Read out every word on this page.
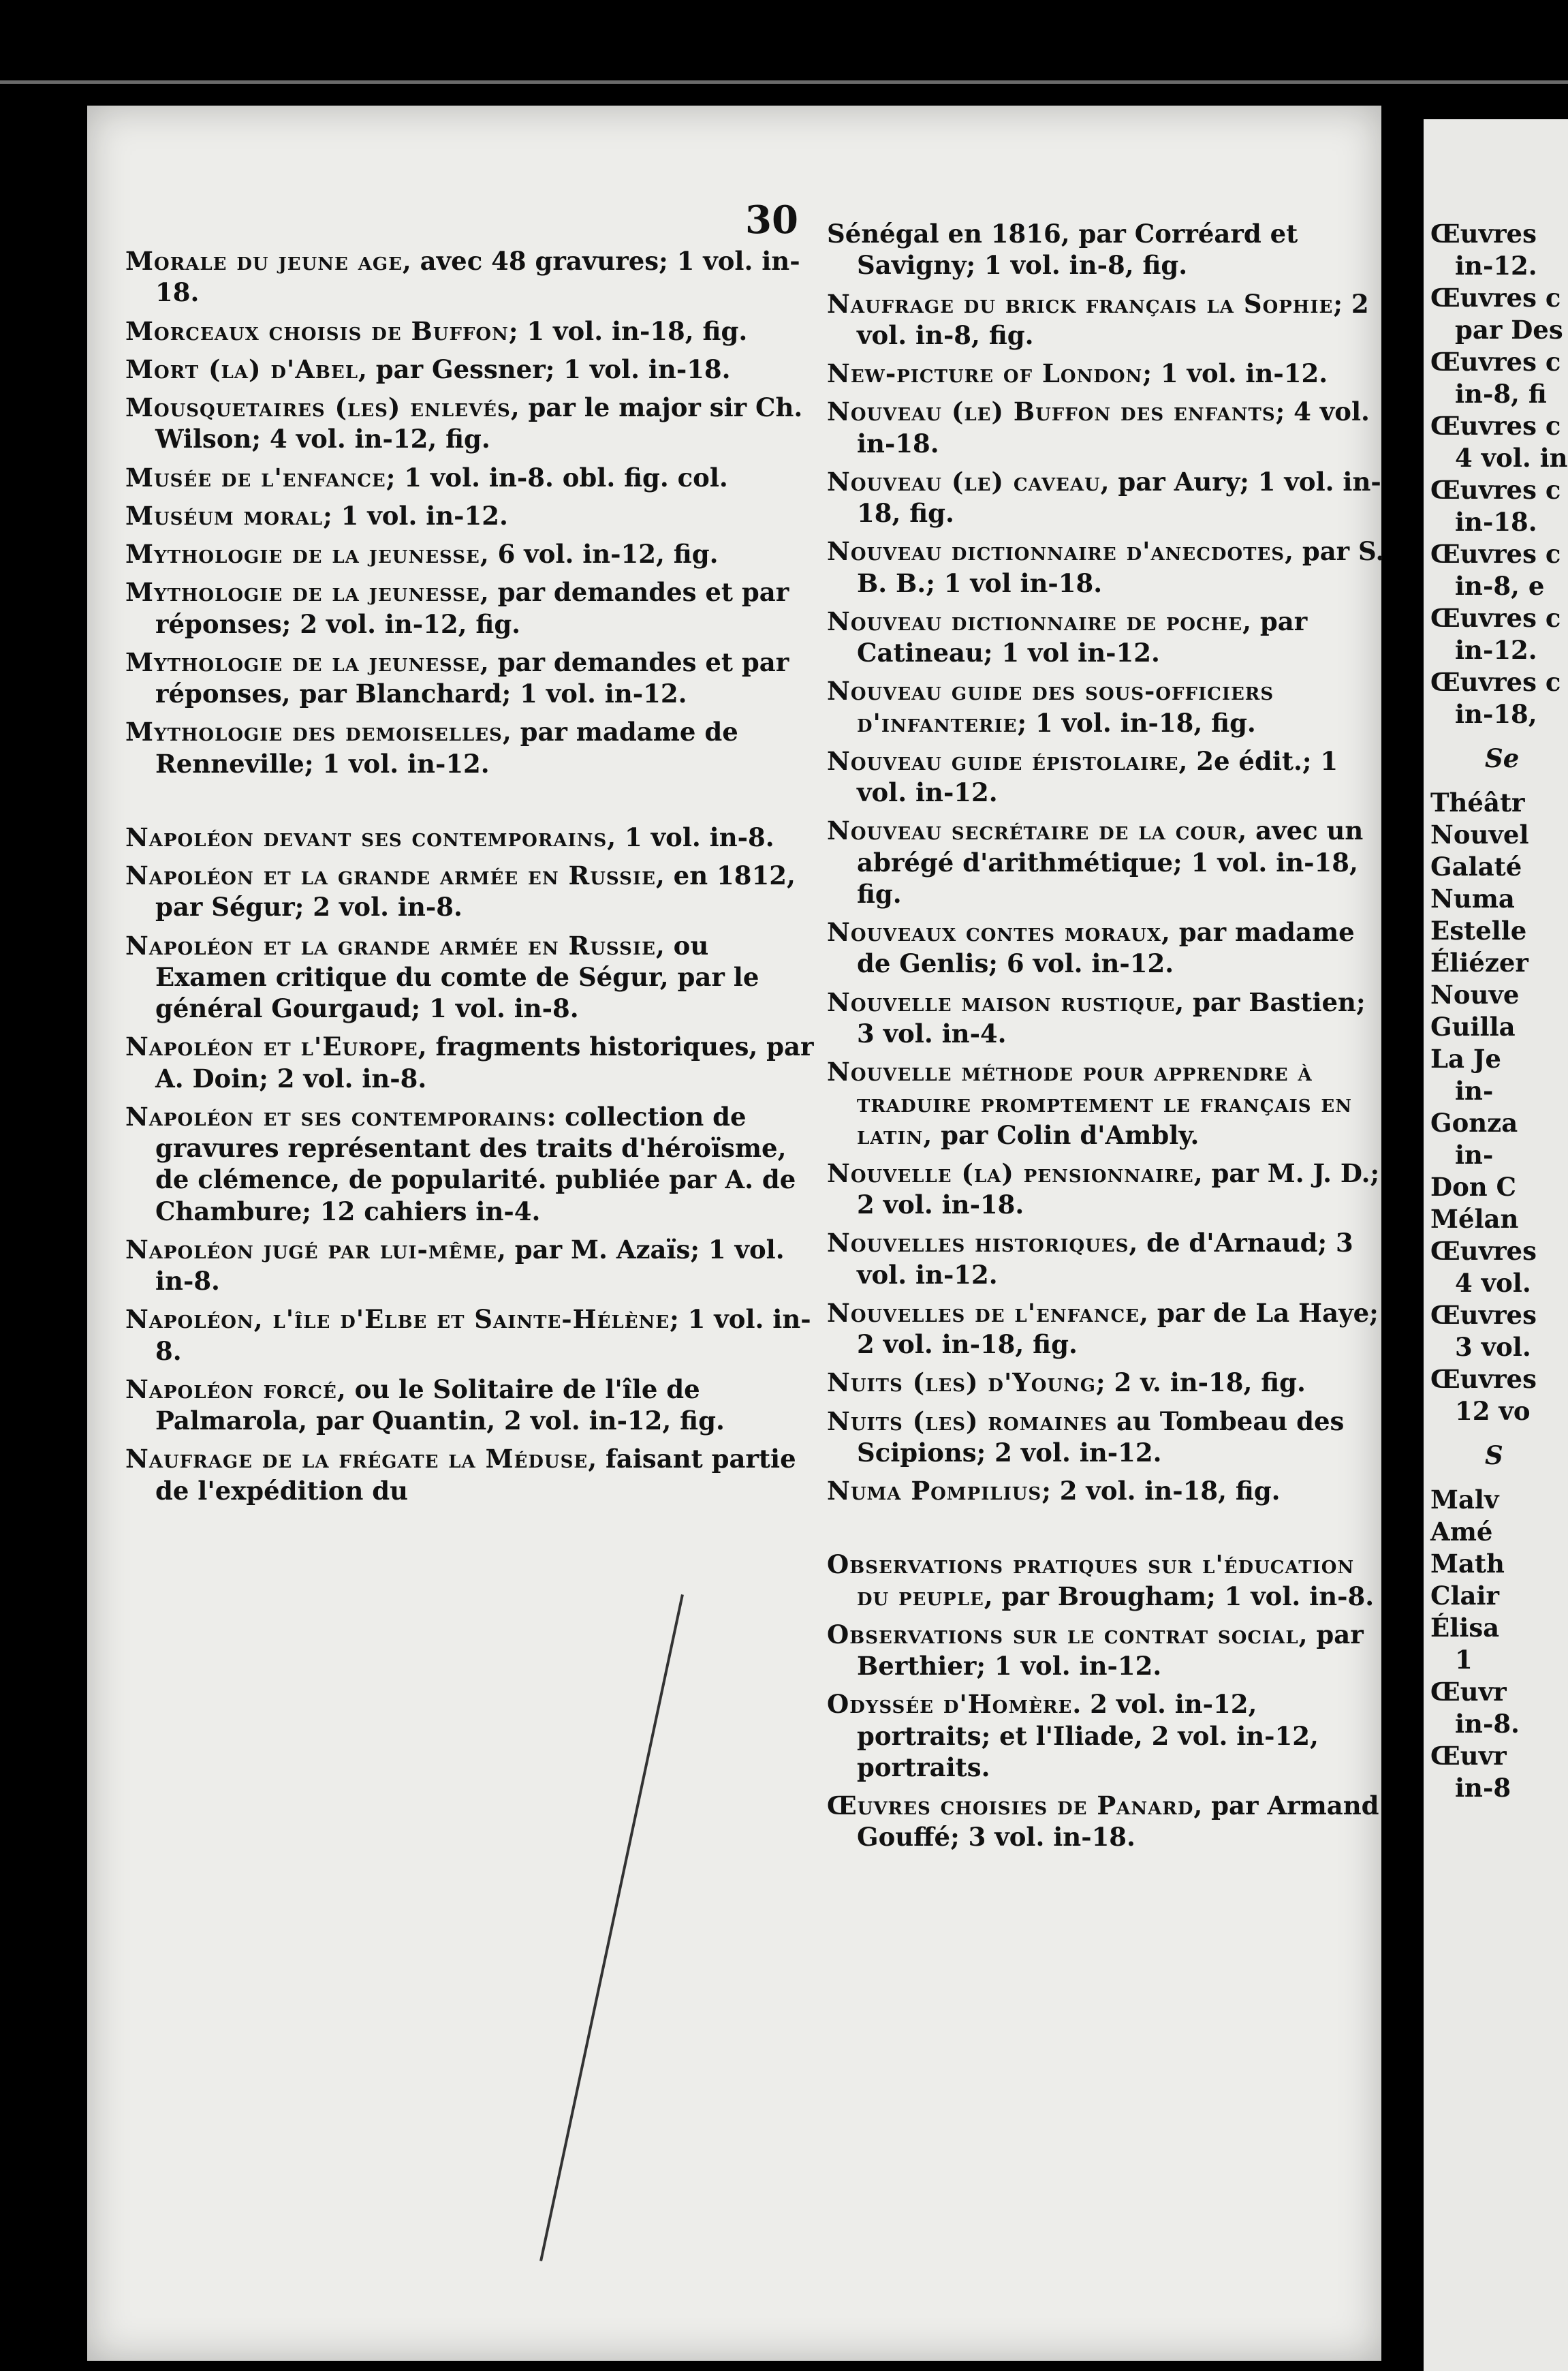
30
Morale du jeune age, avec 48 gravures; 1 vol. in-18.
Morceaux choisis de Buffon; 1 vol. in-18, fig.
Mort (la) d'Abel, par Gessner; 1 vol. in-18.
Mousquetaires (les) enlevés, par le major sir Ch. Wilson; 4 vol. in-12, fig.
Musée de l'enfance; 1 vol. in-8. obl. fig. col.
Muséum moral; 1 vol. in-12.
Mythologie de la jeunesse, 6 vol. in-12, fig.
Mythologie de la jeunesse, par demandes et par réponses; 2 vol. in-12, fig.
Mythologie de la jeunesse, par demandes et par réponses, par Blanchard; 1 vol. in-12.
Mythologie des demoiselles, par madame de Renneville; 1 vol. in-12.
Napoléon devant ses contemporains, 1 vol. in-8.
Napoléon et la grande armée en Russie, en 1812, par Ségur; 2 vol. in-8.
Napoléon et la grande armée en Russie, ou Examen critique du comte de Ségur, par le général Gourgaud; 1 vol. in-8.
Napoléon et l'Europe, fragments historiques, par A. Doin; 2 vol. in-8.
Napoléon et ses contemporains: collection de gravures représentant des traits d'héroïsme, de clémence, de popularité. publiée par A. de Chambure; 12 cahiers in-4.
Napoléon jugé par lui-même, par M. Azaïs; 1 vol. in-8.
Napoléon, l'île d'Elbe et Sainte-Hélène; 1 vol. in-8.
Napoléon forcé, ou le Solitaire de l'île de Palmarola, par Quantin, 2 vol. in-12, fig.
Naufrage de la frégate la Méduse, faisant partie de l'expédition du
Sénégal en 1816, par Corréard et Savigny; 1 vol. in-8, fig.
Naufrage du brick français la Sophie; 2 vol. in-8, fig.
New-picture of London; 1 vol. in-12.
Nouveau (le) Buffon des enfants; 4 vol. in-18.
Nouveau (le) caveau, par Aury; 1 vol. in-18, fig.
Nouveau dictionnaire d'anecdotes, par S. B. B.; 1 vol in-18.
Nouveau dictionnaire de poche, par Catineau; 1 vol in-12.
Nouveau guide des sous-officiers d'infanterie; 1 vol. in-18, fig.
Nouveau guide épistolaire, 2e édit.; 1 vol. in-12.
Nouveau secrétaire de la cour, avec un abrégé d'arithmétique; 1 vol. in-18, fig.
Nouveaux contes moraux, par madame de Genlis; 6 vol. in-12.
Nouvelle maison rustique, par Bastien; 3 vol. in-4.
Nouvelle méthode pour apprendre à traduire promptement le français en latin, par Colin d'Ambly.
Nouvelle (la) pensionnaire, par M. J. D.; 2 vol. in-18.
Nouvelles historiques, de d'Arnaud; 3 vol. in-12.
Nouvelles de l'enfance, par de La Haye; 2 vol. in-18, fig.
Nuits (les) d'Young; 2 v. in-18, fig.
Nuits (les) romaines au Tombeau des Scipions; 2 vol. in-12.
Numa Pompilius; 2 vol. in-18, fig.
Observations pratiques sur l'éducation du peuple, par Brougham; 1 vol. in-8.
Observations sur le contrat social, par Berthier; 1 vol. in-12.
Odyssée d'Homère. 2 vol. in-12, portraits; et l'Iliade, 2 vol. in-12, portraits.
Œuvres choisies de Panard, par Armand Gouffé; 3 vol. in-18.
Œuvres
in-12.
Œuvres c
par Des
Œuvres c
in-8, fi
Œuvres c
4 vol. in
Œuvres c
in-18.
Œuvres c
in-8, e
Œuvres c
in-12.
Œuvres c
in-18,
Se
Théâtr
Nouvel
Galaté
Numa
Estelle
Éliézer
Nouve
Guilla
La Je
in-
Gonza
in-
Don C
Mélan
Œuvres
4 vol.
Œuvres
3 vol.
Œuvres
12 vo
S
Malv
Amé
Math
Clair
Élisa
1
Œuvr
in-8.
Œuvr
in-8
